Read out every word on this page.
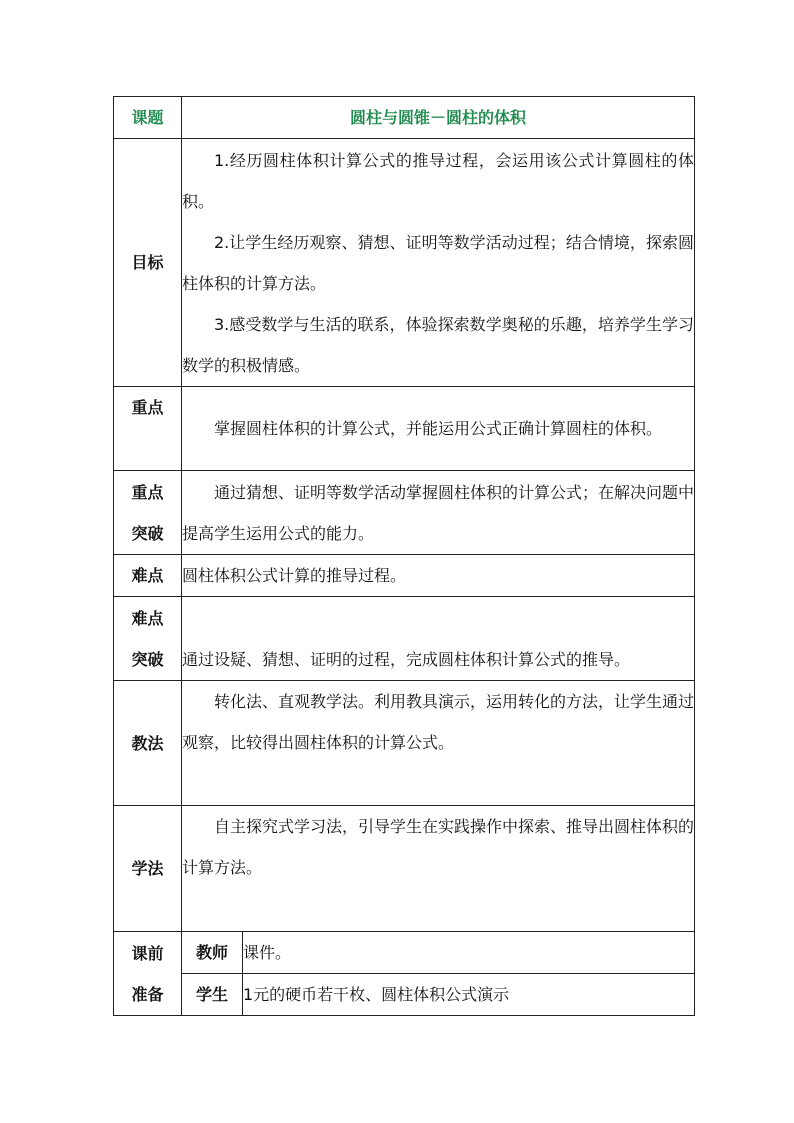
课题	圆柱与圆锥－圆柱的体积	
目标	1.经历圆柱体积计算公式的推导过程，会运用该公式计算圆柱的体积。

2.让学生经历观察、猜想、证明等数学活动过程；结合情境，探索圆柱体积的计算方法。

3.感受数学与生活的联系，体验探索数学奥秘的乐趣，培养学生学习数学的积极情感。	

重点	掌握圆柱体积的计算公式，并能运用公式正确计算圆柱的体积。	

重点
突破	通过猜想、证明等数学活动掌握圆柱体积的计算公式；在解决问题中提高学生运用公式的能力。	

难点	圆柱体积公式计算的推导过程。	

难点
突破	通过设疑、猜想、证明的过程，完成圆柱体积计算公式的推导。	
教法	转化法、直观教学法。利用教具演示，运用转化的方法，让学生通过观察，比较得出圆柱体积的计算公式。	

学法	自主探究式学习法，引导学生在实践操作中探索、推导出圆柱体积的计算方法。	

课前
准备	教师	课件。
	学生	1元的硬币若干枚、圆柱体积公式演示
